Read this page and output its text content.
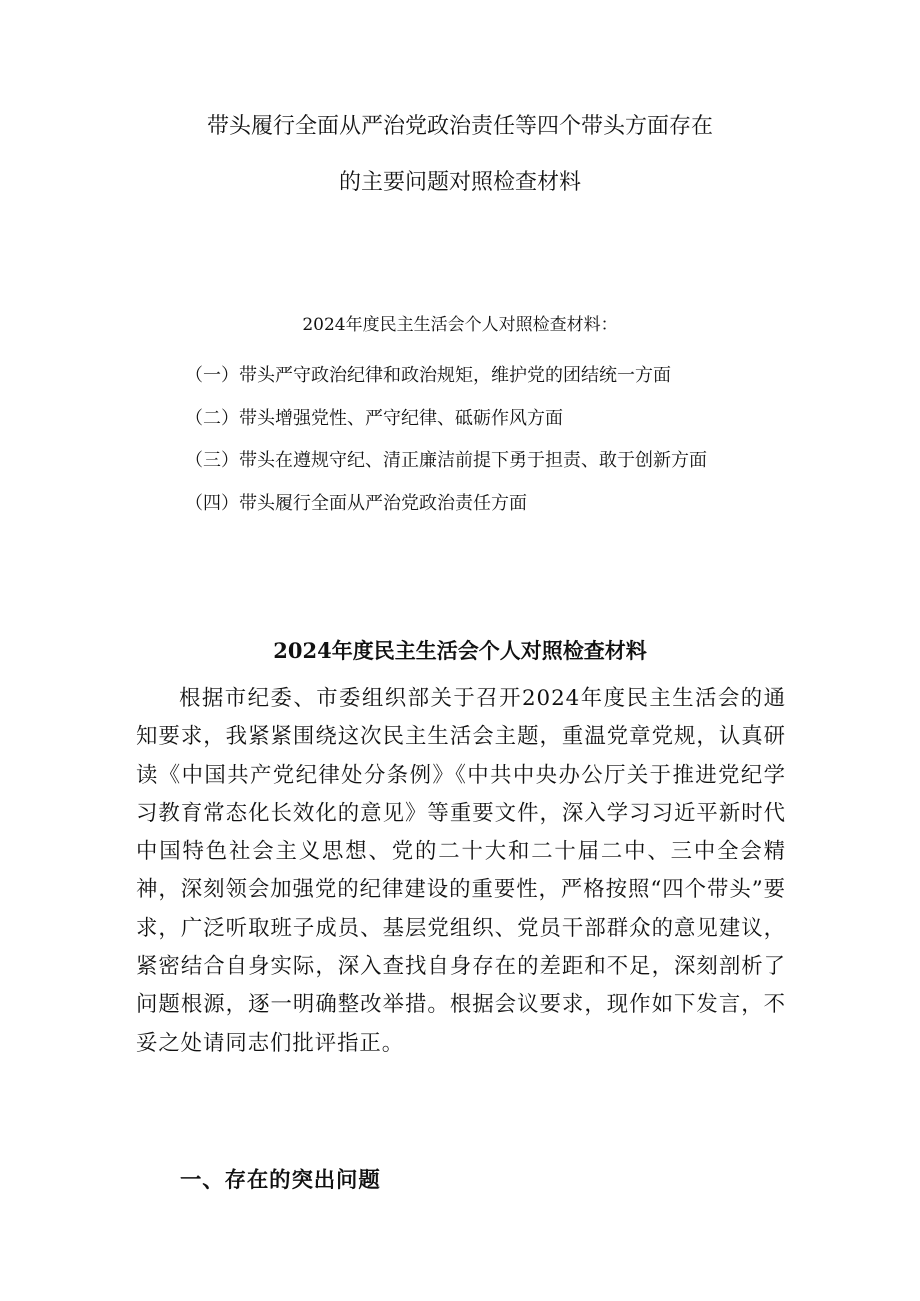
带头履行全面从严治党政治责任等四个带头方面存在
的主要问题对照检查材料
2024年度民主生活会个人对照检查材料：
（一）带头严守政治纪律和政治规矩，维护党的团结统一方面
（二）带头增强党性、严守纪律、砥砺作风方面
（三）带头在遵规守纪、清正廉洁前提下勇于担责、敢于创新方面
（四）带头履行全面从严治党政治责任方面
2024年度民主生活会个人对照检查材料

根据市纪委、市委组织部关于召开2024年度民主生活会的通知要求，我紧紧围绕这次民主生活会主题，重温党章党规，认真研读《中国共产党纪律处分条例》《中共中央办公厅关于推进党纪学习教育常态化长效化的意见》等重要文件，深入学习习近平新时代中国特色社会主义思想、党的二十大和二十届二中、三中全会精神，深刻领会加强党的纪律建设的重要性，严格按照“四个带头”要求，广泛听取班子成员、基层党组织、党员干部群众的意见建议，紧密结合自身实际，深入查找自身存在的差距和不足，深刻剖析了问题根源，逐一明确整改举措。根据会议要求，现作如下发言，不妥之处请同志们批评指正。

一、存在的突出问题
